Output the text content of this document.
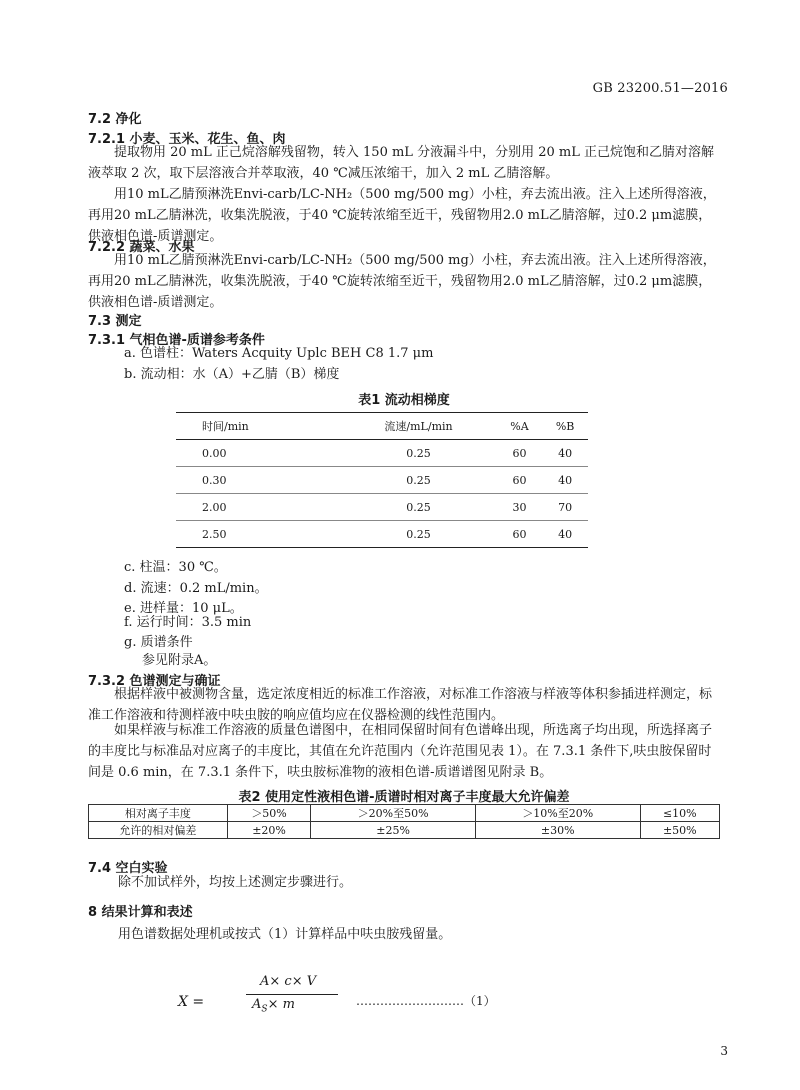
GB 23200.51—2016
7.2 净化
7.2.1 小麦、玉米、花生、鱼、肉
提取物用 20 mL 正己烷溶解残留物，转入 150 mL 分液漏斗中，分别用 20 mL 正己烷饱和乙腈对溶解液萃取 2 次，取下层溶液合并萃取液，40 ℃减压浓缩干，加入 2 mL 乙腈溶解。
用10 mL乙腈预淋洗Envi-carb/LC-NH₂（500 mg/500 mg）小柱，弃去流出液。注入上述所得溶液，再用20 mL乙腈淋洗，收集洗脱液，于40 ℃旋转浓缩至近干，残留物用2.0 mL乙腈溶解，过0.2 μm滤膜，供液相色谱-质谱测定。
7.2.2 蔬菜、水果
用10 mL乙腈预淋洗Envi-carb/LC-NH₂（500 mg/500 mg）小柱，弃去流出液。注入上述所得溶液，再用20 mL乙腈淋洗，收集洗脱液，于40 ℃旋转浓缩至近干，残留物用2.0 mL乙腈溶解，过0.2 μm滤膜，供液相色谱-质谱测定。
7.3 测定
7.3.1 气相色谱-质谱参考条件
a. 色谱柱：Waters Acquity Uplc BEH C8 1.7 μm
b. 流动相：水（A）+乙腈（B）梯度
表1 流动相梯度
时间/min	流速/mL/min	%A	%B
0.00	0.25	60	40
0.30	0.25	60	40
2.00	0.25	30	70
2.50	0.25	60	40
c. 柱温：30 ℃。
d. 流速：0.2 mL/min。
e. 进样量：10 μL。
f. 运行时间：3.5 min
g. 质谱条件
参见附录A。
7.3.2 色谱测定与确证
根据样液中被测物含量，选定浓度相近的标准工作溶液，对标准工作溶液与样液等体积参插进样测定，标准工作溶液和待测样液中呋虫胺的响应值均应在仪器检测的线性范围内。
如果样液与标准工作溶液的质量色谱图中，在相同保留时间有色谱峰出现，所选离子均出现，所选择离子的丰度比与标准品对应离子的丰度比，其值在允许范围内（允许范围见表 1）。在 7.3.1 条件下,呋虫胺保留时间是 0.6 min，在 7.3.1 条件下，呋虫胺标准物的液相色谱-质谱谱图见附录 B。
表2 使用定性液相色谱-质谱时相对离子丰度最大允许偏差
相对离子丰度	＞50%	＞20%至50%	＞10%至20%	≤10%
允许的相对偏差	±20%	±25%	±30%	±50%
7.4 空白实验
除不加试样外，均按上述测定步骤进行。
8 结果计算和表述
用色谱数据处理机或按式（1）计算样品中呋虫胺残留量。
X =
A× c× V
$A_S\times m$	………………………（1）
3
